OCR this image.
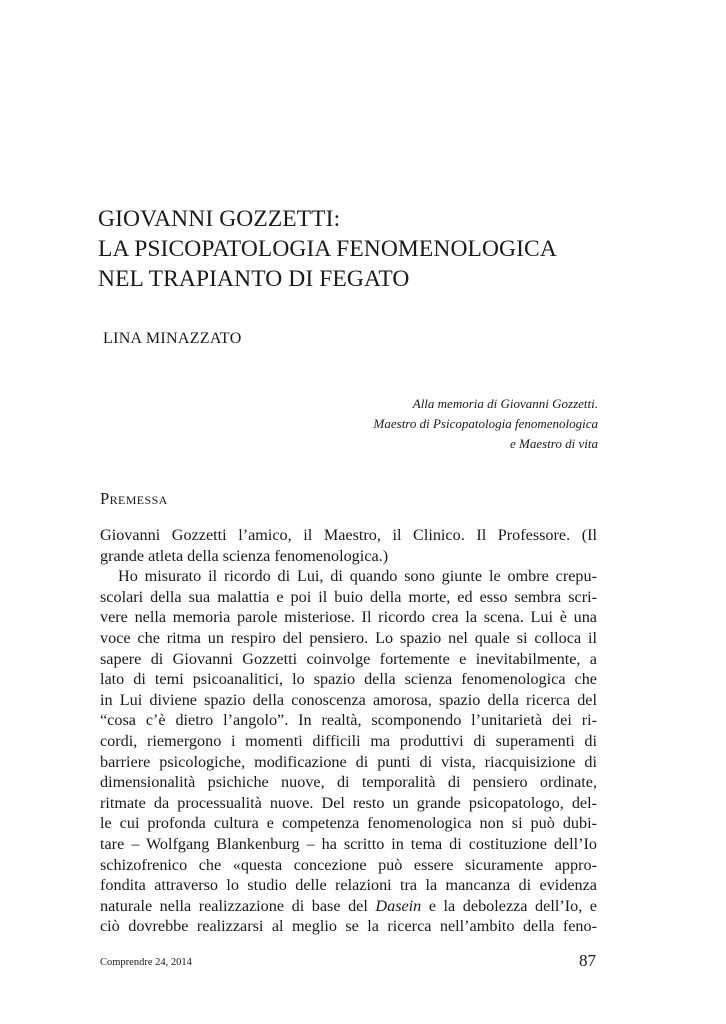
GIOVANNI GOZZETTI:
LA PSICOPATOLOGIA FENOMENOLOGICA
NEL TRAPIANTO DI FEGATO
LINA MINAZZATO
Alla memoria di Giovanni Gozzetti.
Maestro di Psicopatologia fenomenologica
e Maestro di vita
Premessa
Giovanni Gozzetti l’amico, il Maestro, il Clinico. Il Professore. (Il
grande atleta della scienza fenomenologica.)
Ho misurato il ricordo di Lui, di quando sono giunte le ombre crepu-
scolari della sua malattia e poi il buio della morte, ed esso sembra scri-
vere nella memoria parole misteriose. Il ricordo crea la scena. Lui è una
voce che ritma un respiro del pensiero. Lo spazio nel quale si colloca il
sapere di Giovanni Gozzetti coinvolge fortemente e inevitabilmente, a
lato di temi psicoanalitici, lo spazio della scienza fenomenologica che
in Lui diviene spazio della conoscenza amorosa, spazio della ricerca del
“cosa c’è dietro l’angolo”. In realtà, scomponendo l’unitarietà dei ri-
cordi, riemergono i momenti difficili ma produttivi di superamenti di
barriere psicologiche, modificazione di punti di vista, riacquisizione di
dimensionalità psichiche nuove, di temporalità di pensiero ordinate,
ritmate da processualità nuove. Del resto un grande psicopatologo, del-
le cui profonda cultura e competenza fenomenologica non si può dubi-
tare – Wolfgang Blankenburg – ha scritto in tema di costituzione dell’Io
schizofrenico che «questa concezione può essere sicuramente appro-
fondita attraverso lo studio delle relazioni tra la mancanza di evidenza
naturale nella realizzazione di base del Dasein e la debolezza dell’Io, e
ciò dovrebbe realizzarsi al meglio se la ricerca nell’ambito della feno-
Comprendre 24, 2014	87
